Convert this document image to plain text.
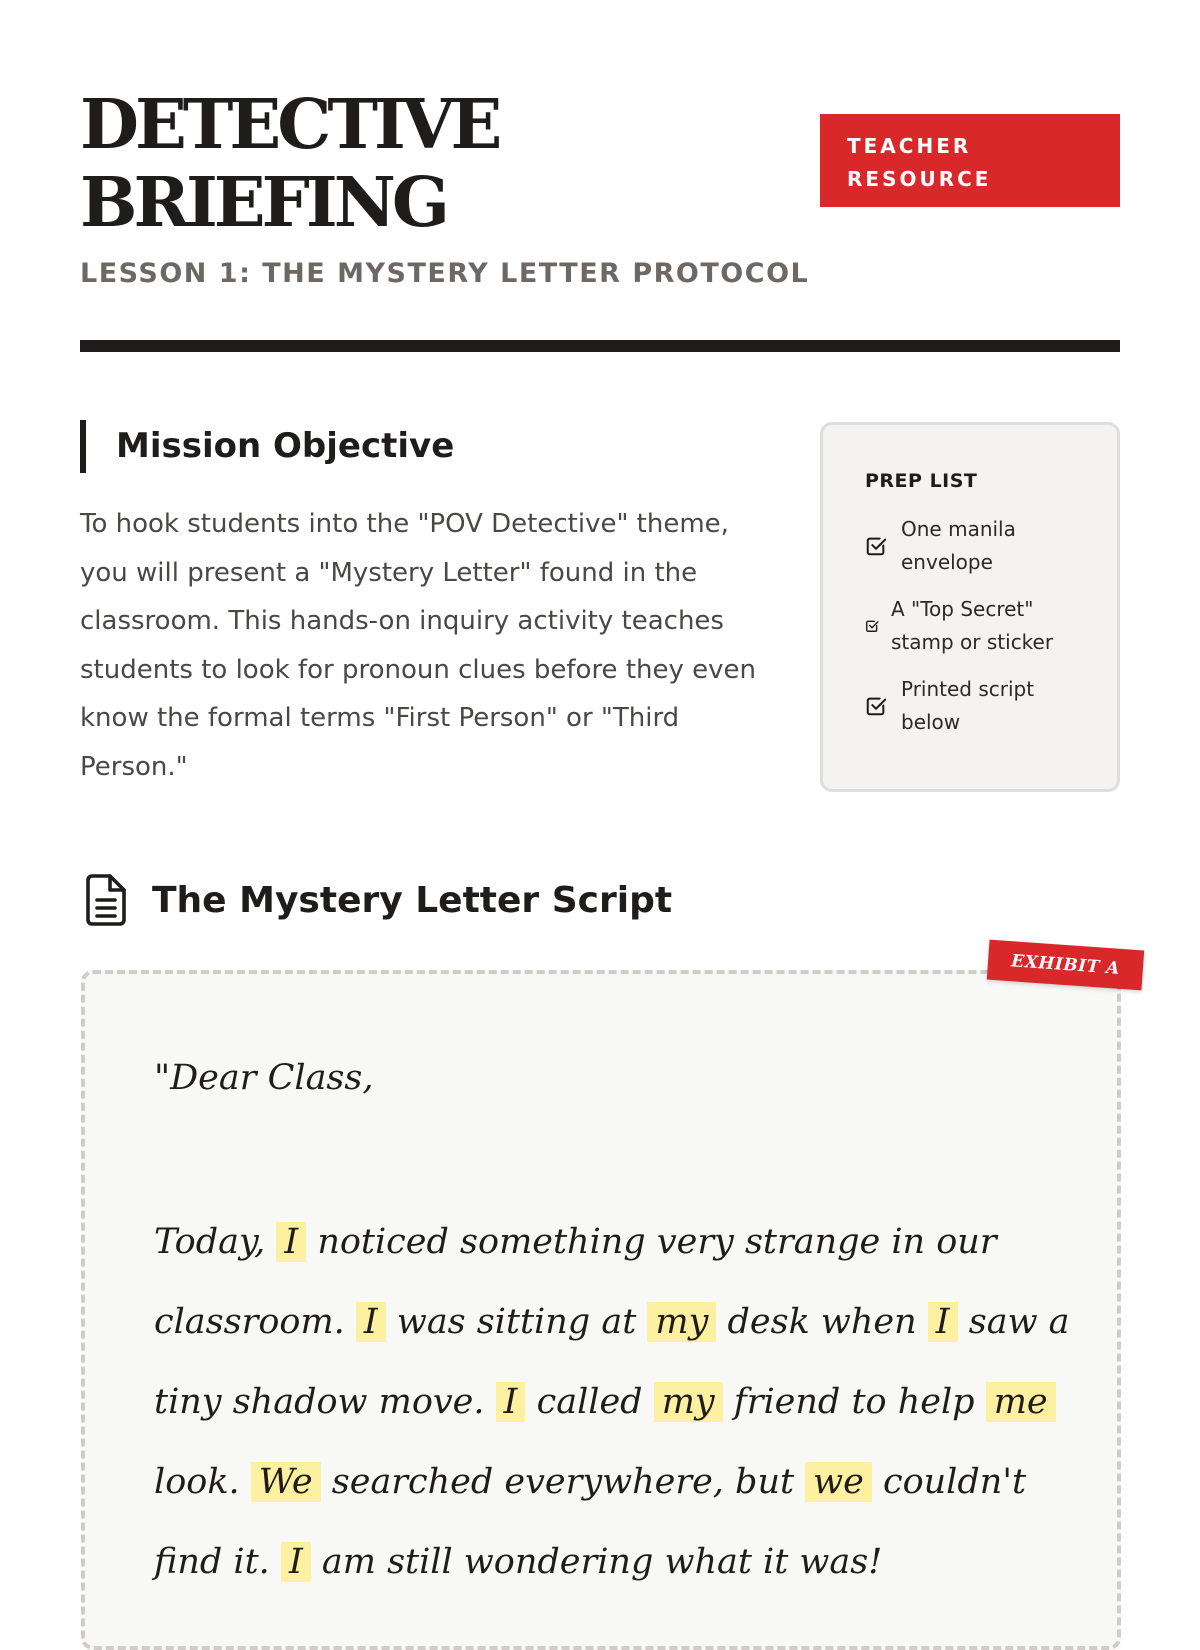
DETECTIVE
BRIEFING
TEACHER
RESOURCE

LESSON 1: THE MYSTERY LETTER PROTOCOL

Mission Objective

To hook students into the "POV Detective" theme, you will present a "Mystery Letter" found in the classroom. This hands-on inquiry activity teaches students to look for pronoun clues before they even know the formal terms "First Person" or "Third Person."

PREP LIST
One manila envelope
A "Top Secret" stamp or sticker
Printed script below
The Mystery Letter Script
EXHIBIT A

"Dear Class,

Today, I noticed something very strange in our classroom. I was sitting at my desk when I saw a tiny shadow move. I called my friend to help me look. We searched everywhere, but we couldn't find it. I am still wondering what it was!
